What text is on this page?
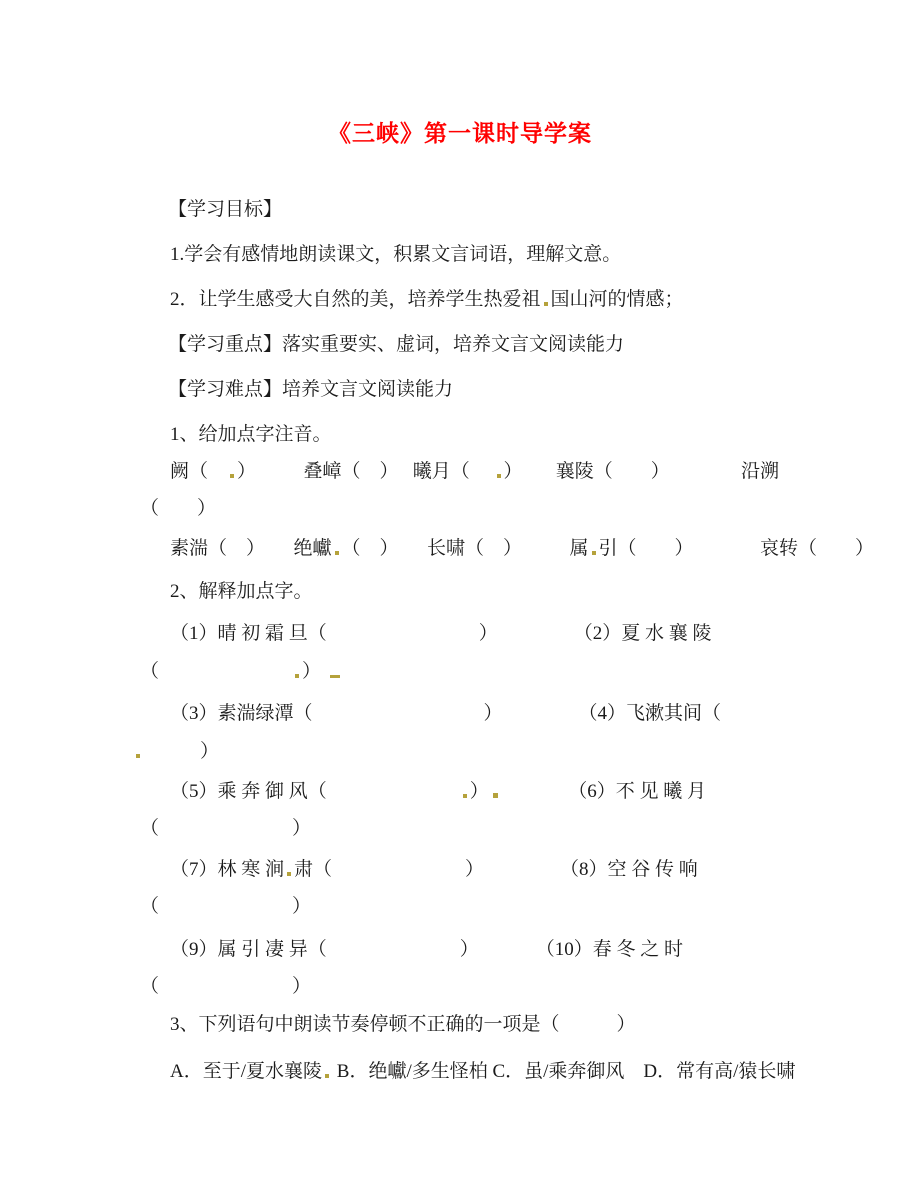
《三峡》第一课时导学案

【学习目标】

1.学会有感情地朗读课文，积累文言词语，理解文意。

2．让学生感受大自然的美，培养学生热爱祖 国山河的情感；

【学习重点】落实重要实、虚词，培养文言文阅读能力

【学习难点】培养文言文阅读能力

1、给加点字注音。

阙（　）　　　叠嶂（　）　 曦月（　 ）　　 襄陵（　　）　　　　 沿溯

（　　）

素湍（　）　　绝巘 （　）　　长啸（　）　　　属 引（　　）　　　　哀转（　　）

2、解释加点字。

（1）晴 初 霜 旦（　　　　　　　　）　　　　　（2）夏 水 襄 陵

（　　　　　　　）

（3）素湍绿潭（　　　　　　　　　）　　　　　（4）飞漱其间（

　　　）

（5）乘 奔 御 风（　　　　　　　）　　　　（6）不 见 曦 月

（　　　　　　　）

（7）林 寒 涧 肃（　　　　　　　）　　　　　（8）空 谷 传 响

（　　　　　　　）

（9）属 引 凄 异（　　　　　　　）　　　　（10）春 冬 之 时

（　　　　　　　）

3、下列语句中朗读节奏停顿不正确的一项是（　　　）

A．至于/夏水襄陵 B．绝巘/多生怪柏 C．虽/乘奔御风　D．常有高/猿长啸
